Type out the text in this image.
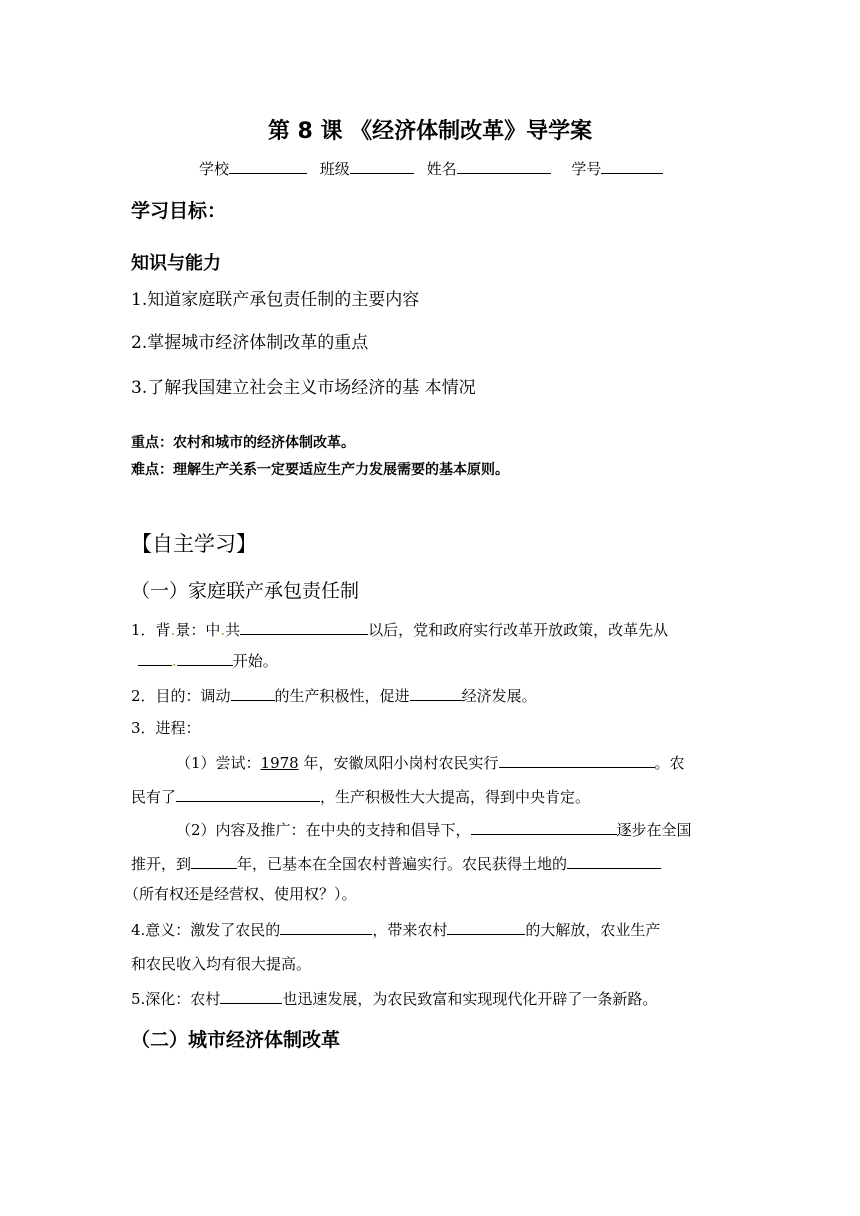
第 8 课 《经济体制改革》导学案
学校	班级	姓名	学号
学习目标：
知识与能力
1.知道家庭联产承包责任制的主要内容
2.掌握城市经济体制改革的重点
3.了解我国建立社会主义市场经济的基 本情况
重点：农村和城市的经济体制改革。
难点：理解生产关系一定要适应生产力发展需要的基本原则。
【自主学习】
（一）家庭联产承包责任制
1．背.景：中.共	以后，党和政府实行改革开放政策，改革先从
.	开始。
2．目的：调动	的生产积极性，促进	经济发展。
3．进程：
（1）尝试：1978 年，安徽凤阳小岗村农民实行	。农
民有了	，生产积极性大大提高，得到中央肯定。
（2）内容及推广：在中央的支持和倡导下，	逐步在全国
推开，到	年，已基本在全国农村普遍实行。农民获得土地的
（所有权还是经营权、使用权？）。
4.意义：激发了农民的	，带来农村	的大解放，农业生产
和农民收入均有很大提高。
5.深化：农村	也迅速发展，为农民致富和实现现代化开辟了一条新路。
（二）城市经济体制改革
